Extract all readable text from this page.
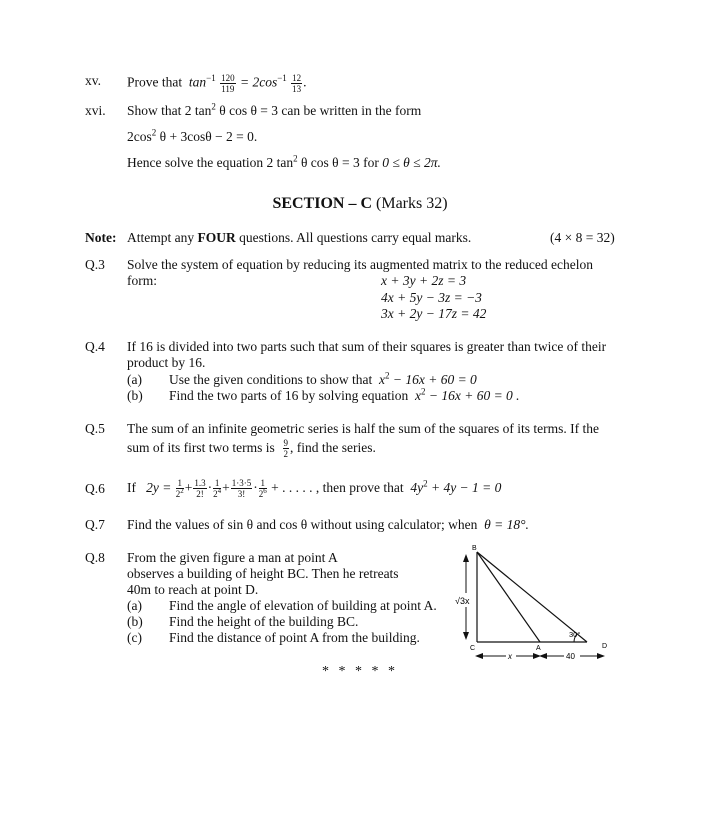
xv. Prove that $\tan^{-1} \frac{120}{119} = 2\cos^{-1} \frac{12}{13}$ .
xvi. Show that 2 $\tan^2 \theta$ cos θ = 3 can be written in the form
$2\cos^2$ θ + 3cosθ − 2 = 0.
Hence solve the equation 2 $\tan^2 \theta$ cos θ = 3 for 0 ≤ θ ≤ 2π.
SECTION – C (Marks 32)
Note: Attempt any FOUR questions. All questions carry equal marks.	(4 × 8 = 32)
Q.3 Solve the system of equation by reducing its augmented matrix to the reduced echelon
form:	x + 3y + 2z = 3
4x + 5y − 3z = −3
3x + 2y − 17z = 42
Q.4 If 16 is divided into two parts such that sum of their squares is greater than twice of their
product by 16.
(a) Use the given conditions to show that $x^2 - 16x + 60 = 0$
(b) Find the two parts of 16 by solving equation $x^2 - 16x + 60 = 0$ .
Q.5 The sum of an infinite geometric series is half the sum of the squares of its terms. If the
sum of its first two terms is $\frac{9}{2}$ , find the series.
Q.6 If $2y = \frac{1}{2^2} + \frac{1.3}{2!} \cdot \frac{1}{2^4} + \frac{1\cdot 3\cdot 5}{3!} \cdot \frac{1}{2^6}$ + . . . . . , then prove that $4y^2 + 4y - 1 = 0$
Q.7 Find the values of sin θ and cos θ without using calculator; when θ = 18°.
Q.8 From the given figure a man at point A
observes a building of height BC. Then he retreats
40m to reach at point D.
(a) Find the angle of elevation of building at point A.
(b) Find the height of the building BC.
(c) Find the distance of point A from the building.
√3x
x	40
B
C	A	D
30°
* * * * *
